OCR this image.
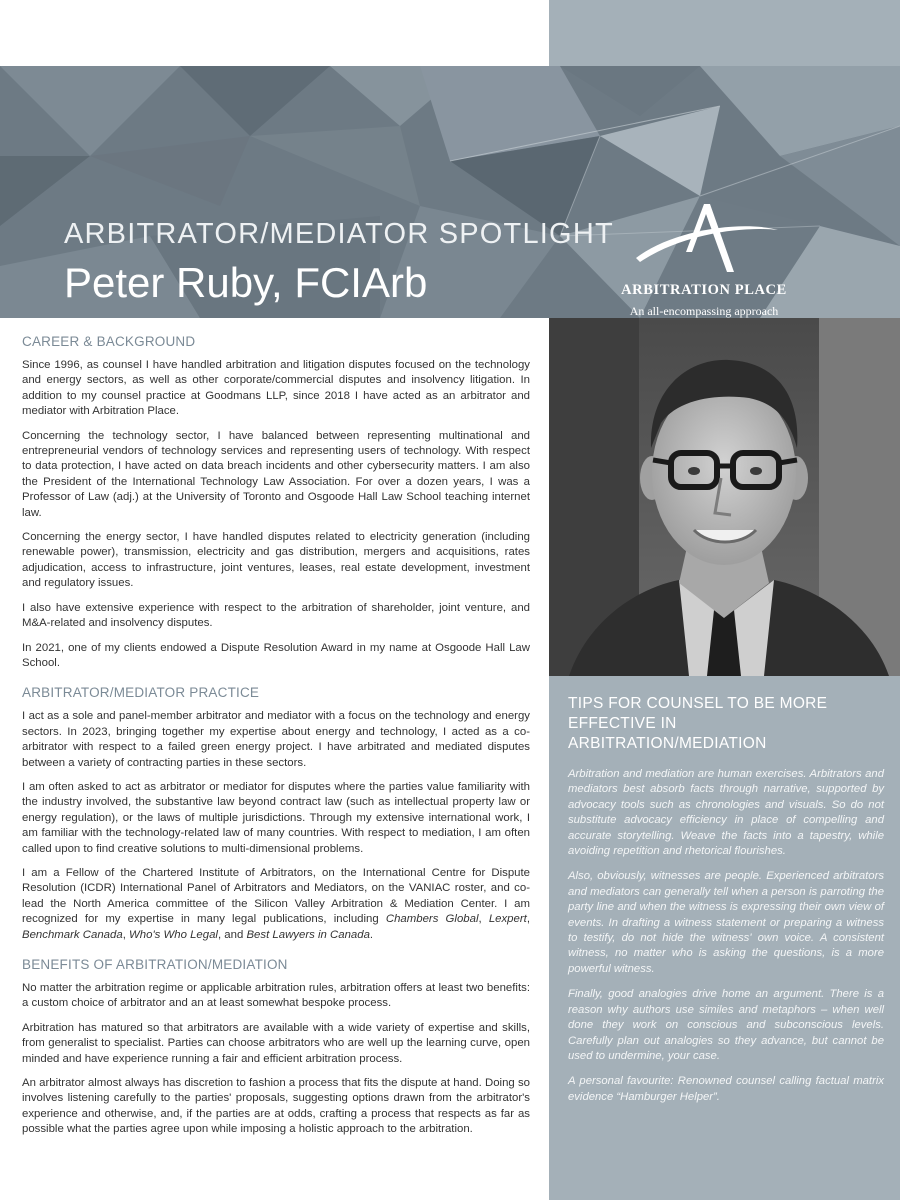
ARBITRATOR/MEDIATOR SPOTLIGHT
Peter Ruby, FCIArb	ARBITRATION PLACE
An all-encompassing approach
CAREER & BACKGROUND

Since 1996, as counsel I have handled arbitration and litigation disputes focused on the technology and energy sectors, as well as other corporate/commercial disputes and insolvency litigation. In addition to my counsel practice at Goodmans LLP, since 2018 I have acted as an arbitrator and mediator with Arbitration Place.

Concerning the technology sector, I have balanced between representing multinational and entrepreneurial vendors of technology services and representing users of technology. With respect to data protection, I have acted on data breach incidents and other cybersecurity matters. I am also the President of the International Technology Law Association. For over a dozen years, I was a Professor of Law (adj.) at the University of Toronto and Osgoode Hall Law School teaching internet law.

Concerning the energy sector, I have handled disputes related to electricity generation (including renewable power), transmission, electricity and gas distribution, mergers and acquisitions, rates adjudication, access to infrastructure, joint ventures, leases, real estate development, investment and regulatory issues.

I also have extensive experience with respect to the arbitration of shareholder, joint venture, and M&A-related and insolvency disputes.

In 2021, one of my clients endowed a Dispute Resolution Award in my name at Osgoode Hall Law School.

ARBITRATOR/MEDIATOR PRACTICE

I act as a sole and panel-member arbitrator and mediator with a focus on the technology and energy sectors. In 2023, bringing together my expertise about energy and technology, I acted as a co-arbitrator with respect to a failed green energy project. I have arbitrated and mediated disputes between a variety of contracting parties in these sectors.

I am often asked to act as arbitrator or mediator for disputes where the parties value familiarity with the industry involved, the substantive law beyond contract law (such as intellectual property law or energy regulation), or the laws of multiple jurisdictions. Through my extensive international work, I am familiar with the technology-related law of many countries. With respect to mediation, I am often called upon to find creative solutions to multi-dimensional problems.

I am a Fellow of the Chartered Institute of Arbitrators, on the International Centre for Dispute Resolution (ICDR) International Panel of Arbitrators and Mediators, on the VANIAC roster, and co-lead the North America committee of the Silicon Valley Arbitration & Mediation Center. I am recognized for my expertise in many legal publications, including Chambers Global, Lexpert, Benchmark Canada, Who's Who Legal, and Best Lawyers in Canada.

BENEFITS OF ARBITRATION/MEDIATION

No matter the arbitration regime or applicable arbitration rules, arbitration offers at least two benefits: a custom choice of arbitrator and an at least somewhat bespoke process.

Arbitration has matured so that arbitrators are available with a wide variety of expertise and skills, from generalist to specialist. Parties can choose arbitrators who are well up the learning curve, open minded and have experience running a fair and efficient arbitration process.

An arbitrator almost always has discretion to fashion a process that fits the dispute at hand. Doing so involves listening carefully to the parties' proposals, suggesting options drawn from the arbitrator's experience and otherwise, and, if the parties are at odds, crafting a process that respects as far as possible what the parties agree upon while imposing a holistic approach to the arbitration.

TIPS FOR COUNSEL TO BE MORE
EFFECTIVE IN
ARBITRATION/MEDIATION

Arbitration and mediation are human exercises. Arbitrators and mediators best absorb facts through narrative, supported by advocacy tools such as chronologies and visuals. So do not substitute advocacy efficiency in place of compelling and accurate storytelling. Weave the facts into a tapestry, while avoiding repetition and rhetorical flourishes.

Also, obviously, witnesses are people. Experienced arbitrators and mediators can generally tell when a person is parroting the party line and when the witness is expressing their own view of events. In drafting a witness statement or preparing a witness to testify, do not hide the witness' own voice. A consistent witness, no matter who is asking the questions, is a more powerful witness.

Finally, good analogies drive home an argument. There is a reason why authors use similes and metaphors – when well done they work on conscious and subconscious levels. Carefully plan out analogies so they advance, but cannot be used to undermine, your case.

A personal favourite: Renowned counsel calling factual matrix evidence “Hamburger Helper”.
